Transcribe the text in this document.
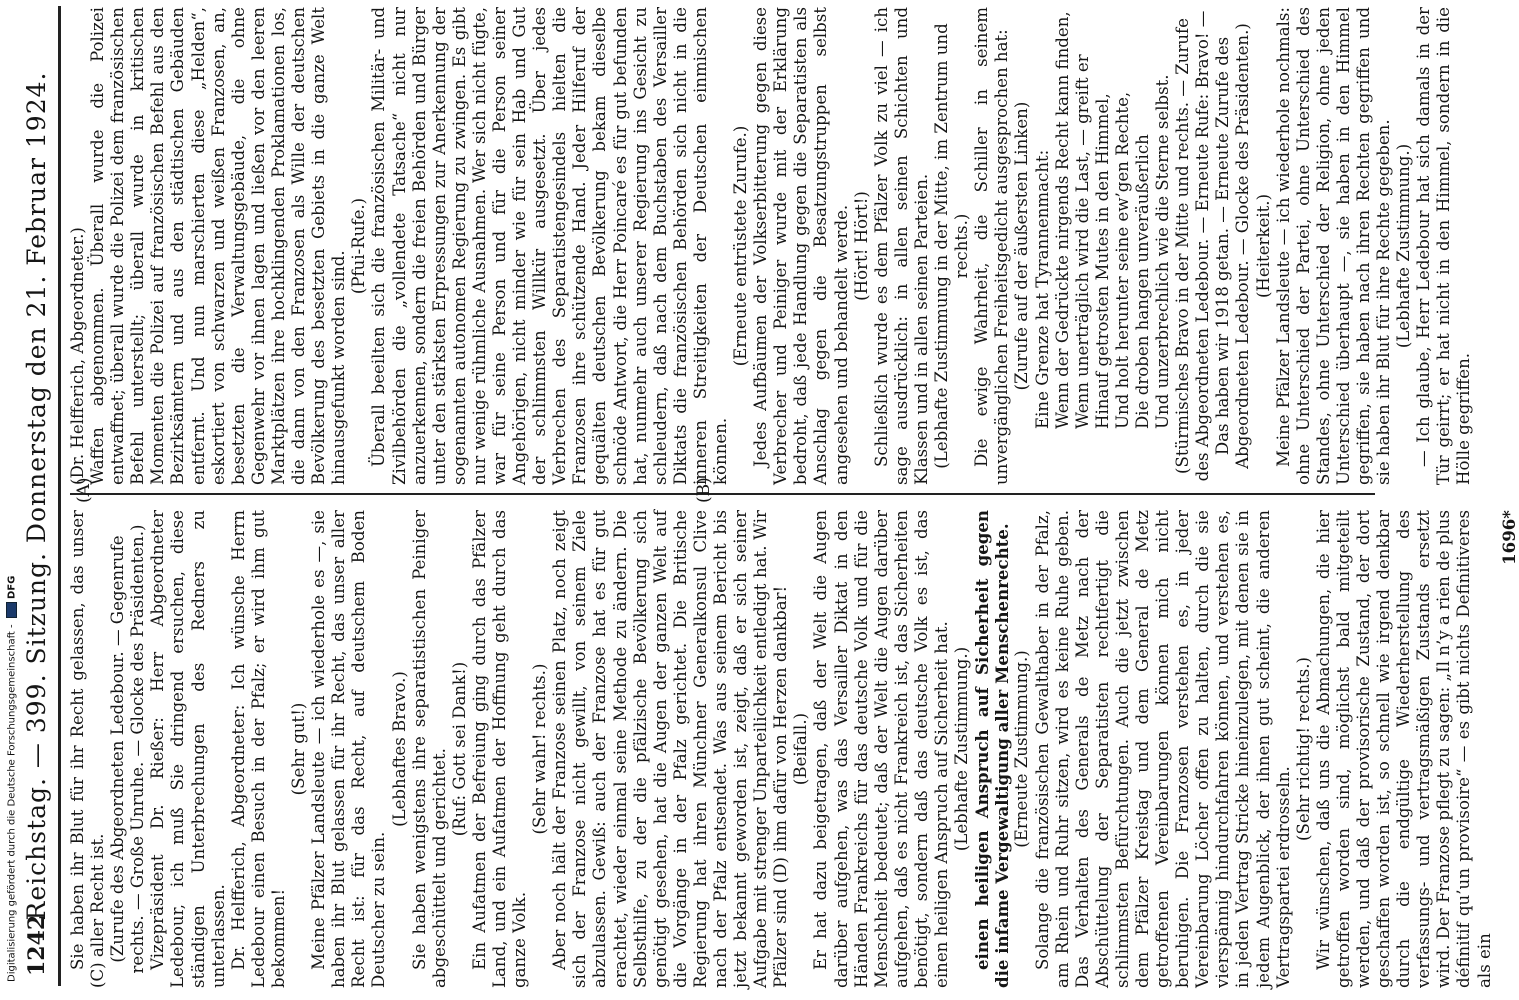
1242
Reichstag. — 399. Sitzung. Donnerstag den 21. Februar 1924. (A)	(B)

(Dr. Helfferich, Abgeordneter.) Waffen abgenommen. Überall wurde die Polizei entwaffnet; überall wurde die Polizei dem französischen Befehl unterstellt; überall wurde in kritischen Momenten die Polizei auf französischen Befehl aus den Bezirksämtern und aus den städtischen Gebäuden entfernt. Und nun marschierten diese „Helden“, eskortiert von schwarzen und weißen Franzosen, an, besetzten die Verwaltungsgebäude, die ohne Gegenwehr vor ihnen lagen und ließen vor den leeren Marktplätzen ihre hochklingenden Proklamationen los, die dann von den Franzosen als Wille der deutschen Bevölkerung des besetzten Gebiets in die ganze Welt hinausgefunkt worden sind.

(Pfui-Rufe.) Überall beeilten sich die französischen Militär- und Zivilbehörden die „vollendete Tatsache“ nicht nur anzuerkennen, sondern die freien Behörden und Bürger unter den stärksten Erpressungen zur Anerkennung der sogenannten autonomen Regierung zu zwingen. Es gibt nur wenige rühmliche Ausnahmen. Wer sich nicht fügte, war für seine Person und für die Person seiner Angehörigen, nicht minder wie für sein Hab und Gut der schlimmsten Willkür ausgesetzt. Über jedes Verbrechen des Separatistengesindels hielten die Franzosen ihre schützende Hand. Jeder Hilferuf der gequälten deutschen Bevölkerung bekam dieselbe schnöde Antwort, die Herr Poincaré es für gut befunden hat, nunmehr auch unserer Regierung ins Gesicht zu schleudern, daß nach dem Buchstaben des Versailler Diktats die französischen Behörden sich nicht in die inneren Streitigkeiten der Deutschen einmischen können.

(Erneute entrüstete Zurufe.) Jedes Aufbäumen der Volkserbitterung gegen diese Verbrecher und Peiniger wurde mit der Erklärung bedroht, daß jede Handlung gegen die Separatisten als Anschlag gegen die Besatzungstruppen selbst angesehen und behandelt werde. (Hört! Hört!) Schließlich wurde es dem Pfälzer Volk zu viel — ich sage ausdrücklich: in allen seinen Schichten und Klassen und in allen seinen Parteien. (Lebhafte Zustimmung in der Mitte, im Zentrum und rechts.) Die ewige Wahrheit, die Schiller in seinem unvergänglichen Freiheitsgedicht ausgesprochen hat: (Zurufe auf der äußersten Linken) Eine Grenze hat Tyrannenmacht: Wenn der Gedrückte nirgends Recht kann finden, Wenn unerträglich wird die Last, — greift er Hinauf getrosten Mutes in den Himmel, Und holt herunter seine ew’gen Rechte, Die droben hangen unveräußerlich Und unzerbrechlich wie die Sterne selbst. (Stürmisches Bravo in der Mitte und rechts. — Zurufe des Abgeordneten Ledebour. — Erneute Rufe: Bravo! — Das haben wir 1918 getan. — Erneute Zurufe des Abgeordneten Ledebour. — Glocke des Präsidenten.) (Heiterkeit.) Meine Pfälzer Landsleute — ich wiederhole nochmals: ohne Unterschied der Partei, ohne Unterschied des Standes, ohne Unterschied der Religion, ohne jeden Unterschied überhaupt —, sie haben in den Himmel gegriffen, sie haben nach ihren Rechten gegriffen und sie haben ihr Blut für ihre Rechte gegeben. (Lebhafte Zustimmung.) — Ich glaube, Herr Ledebour hat sich damals in der Tür geirrt; er hat nicht in den Himmel, sondern in die Hölle gegriffen.

Sie haben ihr Blut für ihr Recht gelassen, das unser (C) aller Recht ist. (Zurufe des Abgeordneten Ledebour. — Gegenrufe rechts. — Große Unruhe. — Glocke des Präsidenten.) Vizepräsident Dr. Rießer: Herr Abgeordneter Ledebour, ich muß Sie dringend ersuchen, diese ständigen Unterbrechungen des Redners zu unterlassen. Dr. Helfferich, Abgeordneter: Ich wünsche Herrn Ledebour einen Besuch in der Pfalz; er wird ihm gut bekommen!

(Sehr gut!) Meine Pfälzer Landsleute — ich wiederhole es —, sie haben ihr Blut gelassen für ihr Recht, das unser aller Recht ist: für das Recht, auf deutschem Boden Deutscher zu sein.

(Lebhaftes Bravo.) Sie haben wenigstens ihre separatistischen Peiniger abgeschüttelt und gerichtet. (Ruf: Gott sei Dank!) Ein Aufatmen der Befreiung ging durch das Pfälzer Land, und ein Aufatmen der Hoffnung geht durch das ganze Volk.

(Sehr wahr! rechts.) Aber noch hält der Franzose seinen Platz, noch zeigt sich der Franzose nicht gewillt, von seinem Ziele abzulassen. Gewiß: auch der Franzose hat es für gut erachtet, wieder einmal seine Methode zu ändern. Die Selbsthilfe, zu der die pfälzische Bevölkerung sich genötigt gesehen, hat die Augen der ganzen Welt auf die Vorgänge in der Pfalz gerichtet. Die Britische Regierung hat ihren Münchner Generalkonsul Clive nach der Pfalz entsendet. Was aus seinem Bericht bis jetzt bekannt geworden ist, zeigt, daß er sich seiner Aufgabe mit strenger Unparteilichkeit entledigt hat. Wir Pfälzer sind (D) ihm dafür von Herzen dankbar! (Beifall.) Er hat dazu beigetragen, daß der Welt die Augen darüber aufgehen, was das Versailler Diktat in den Händen Frankreichs für das deutsche Volk und für die Menschheit bedeutet; daß der Welt die Augen darüber aufgehen, daß es nicht Frankreich ist, das Sicherheiten benötigt, sondern daß das deutsche Volk es ist, das einen heiligen Anspruch auf Sicherheit hat. (Lebhafte Zustimmung.) einen heiligen Anspruch auf Sicherheit gegen die infame Vergewaltigung aller Menschenrechte. (Erneute Zustimmung.) Solange die französischen Gewalthaber in der Pfalz, am Rhein und Ruhr sitzen, wird es keine Ruhe geben. Das Verhalten des Generals de Metz nach der Abschüttelung der Separatisten rechtfertigt die schlimmsten Befürchtungen. Auch die jetzt zwischen dem Pfälzer Kreistag und dem General de Metz getroffenen Vereinbarungen können mich nicht beruhigen. Die Franzosen verstehen es, in jeder Vereinbarung Löcher offen zu halten, durch die sie vierspännig hindurchfahren können, und verstehen es, in jeden Vertrag Stricke hineinzulegen, mit denen sie in jedem Augenblick, der ihnen gut scheint, die anderen Vertragspartei erdrosseln.

(Sehr richtig! rechts.) Wir wünschen, daß uns die Abmachungen, die hier getroffen worden sind, möglichst bald mitgeteilt werden, und daß der provisorische Zustand, der dort geschaffen worden ist, so schnell wie irgend denkbar durch die endgültige Wiederherstellung des verfassungs- und vertragsmäßigen Zustands ersetzt wird. Der Franzose pflegt zu sagen: „Il n’y a rien de plus définitif qu’un provisoire“ — es gibt nichts Definitiveres als ein

1696*

Digitalisierung gefördert durch die Deutsche Forschungsgemeinschaft -  DFG
